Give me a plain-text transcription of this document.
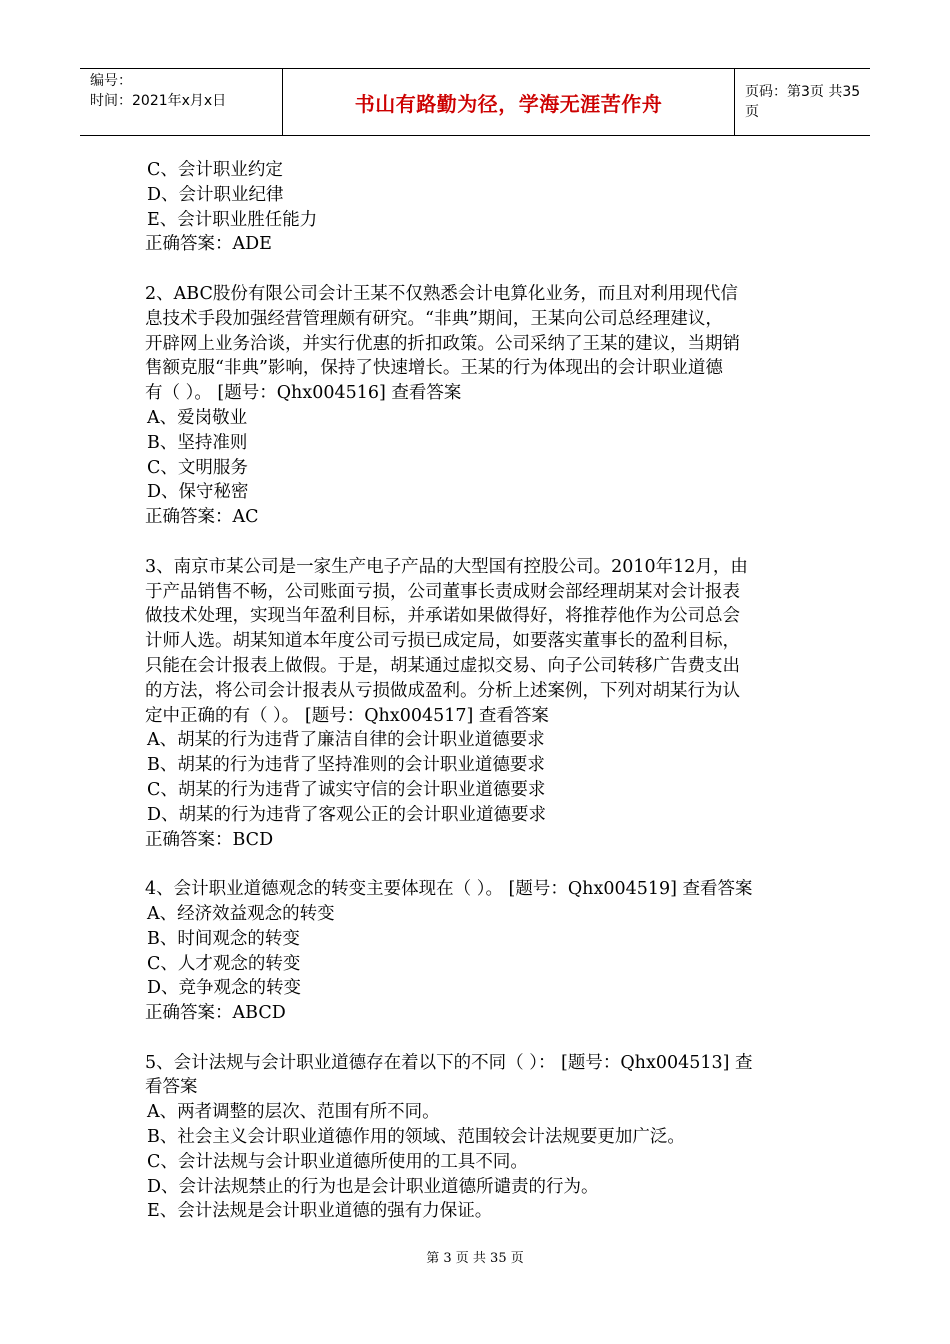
编号：
时间：2021年x月x日	书山有路勤为径，学海无涯苦作舟	页码：第3页 共35页
C、会计职业约定
D、会计职业纪律
E、会计职业胜任能力
正确答案：ADE
2、ABC股份有限公司会计王某不仅熟悉会计电算化业务，而且对利用现代信
息技术手段加强经营管理颇有研究。“非典”期间，王某向公司总经理建议，
开辟网上业务洽谈，并实行优惠的折扣政策。公司采纳了王某的建议，当期销
售额克服“非典”影响，保持了快速增长。王某的行为体现出的会计职业道德
有（ ）。 [题号：Qhx004516] 查看答案
A、爱岗敬业
B、坚持准则
C、文明服务
D、保守秘密
正确答案：AC
3、南京市某公司是一家生产电子产品的大型国有控股公司。2010年12月，由
于产品销售不畅，公司账面亏损，公司董事长责成财会部经理胡某对会计报表
做技术处理，实现当年盈利目标，并承诺如果做得好，将推荐他作为公司总会
计师人选。胡某知道本年度公司亏损已成定局，如要落实董事长的盈利目标，
只能在会计报表上做假。于是，胡某通过虚拟交易、向子公司转移广告费支出
的方法，将公司会计报表从亏损做成盈利。分析上述案例，下列对胡某行为认
定中正确的有（ ）。 [题号：Qhx004517] 查看答案
A、胡某的行为违背了廉洁自律的会计职业道德要求
B、胡某的行为违背了坚持准则的会计职业道德要求
C、胡某的行为违背了诚实守信的会计职业道德要求
D、胡某的行为违背了客观公正的会计职业道德要求
正确答案：BCD
4、会计职业道德观念的转变主要体现在（ ）。 [题号：Qhx004519] 查看答案
A、经济效益观念的转变
B、时间观念的转变
C、人才观念的转变
D、竞争观念的转变
正确答案：ABCD
5、会计法规与会计职业道德存在着以下的不同（ ）： [题号：Qhx004513] 查
看答案
A、两者调整的层次、范围有所不同。
B、社会主义会计职业道德作用的领域、范围较会计法规要更加广泛。
C、会计法规与会计职业道德所使用的工具不同。
D、会计法规禁止的行为也是会计职业道德所谴责的行为。
E、会计法规是会计职业道德的强有力保证。
第 3 页 共 35 页
